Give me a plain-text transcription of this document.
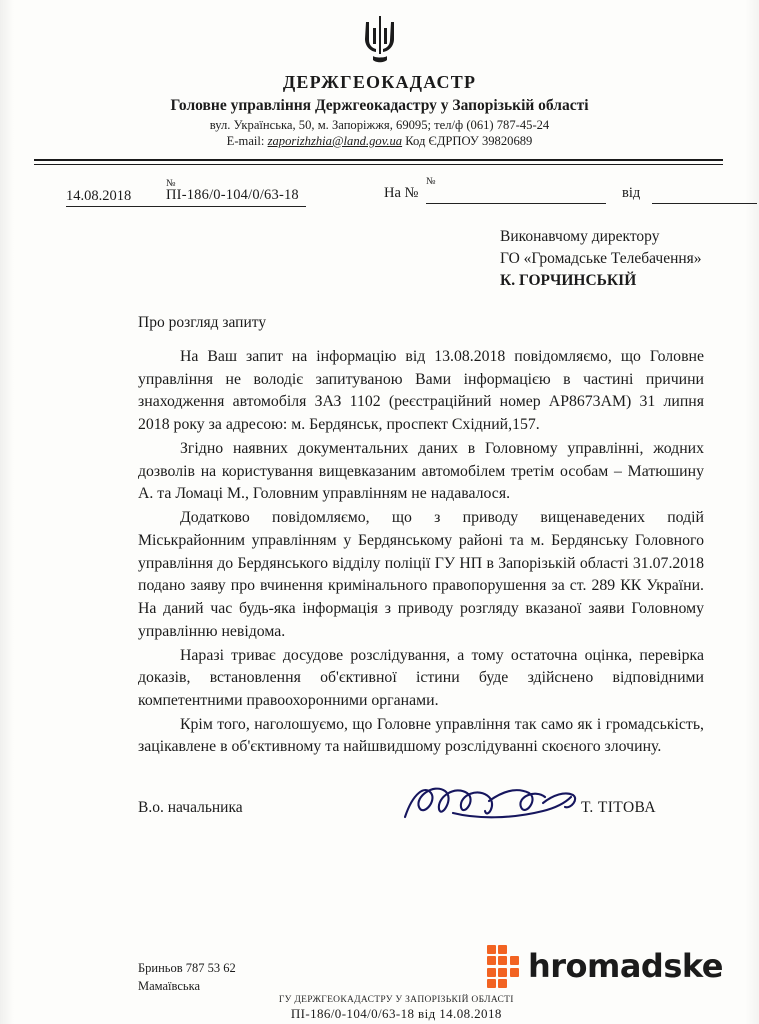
ДЕРЖГЕОКАДАСТР
Головне управління Держгеокадастру у Запорізькій області
вул. Українська, 50, м. Запоріжжя, 69095; тел/ф (061) 787-45-24
E-mail: zaporizhzhia@land.gov.ua Код ЄДРПОУ 39820689
14.08.2018
№
ПІ-186/0-104/0/63-18	На №
№
від
Виконавчому директору
ГО «Громадське Телебачення»
К. ГОРЧИНСЬКІЙ
Про розгляд запиту

На Ваш запит на інформацію від 13.08.2018 повідомляємо, що Головне управління не володіє запитуваною Вами інформацією в частині причини знаходження автомобіля ЗАЗ 1102 (реєстраційний номер АР8673АМ) 31 липня 2018 року за адресою: м. Бердянськ, проспект Східний,157.

Згідно наявних документальних даних в Головному управлінні, жодних дозволів на користування вищевказаним автомобілем третім особам – Матюшину А. та Ломаці М., Головним управлінням не надавалося.

Додатково повідомляємо, що з приводу вищенаведених подій Міськрайонним управлінням у Бердянському районі та м. Бердянську Головного управління до Бердянського відділу поліції ГУ НП в Запорізькій області 31.07.2018 подано заяву про вчинення кримінального правопорушення за ст. 289 КК України. На даний час будь-яка інформація з приводу розгляду вказаної заяви Головному управлінню невідома.

Наразі триває досудове розслідування, а тому остаточна оцінка, перевірка доказів, встановлення об'єктивної істини буде здійснено відповідними компетентними правоохоронними органами.

Крім того, наголошуємо, що Головне управління так само як і громадськість, зацікавлене в об'єктивному та найшвидшому розслідуванні скоєного злочину.

В.о. начальника	Т. ТІТОВА
Бриньов 787 53 62
Мамаївська
ГУ ДЕРЖГЕОКАДАСТРУ У ЗАПОРІЗЬКІЙ ОБЛАСТІ
ПІ-186/0-104/0/63-18 від 14.08.2018
hromadske
